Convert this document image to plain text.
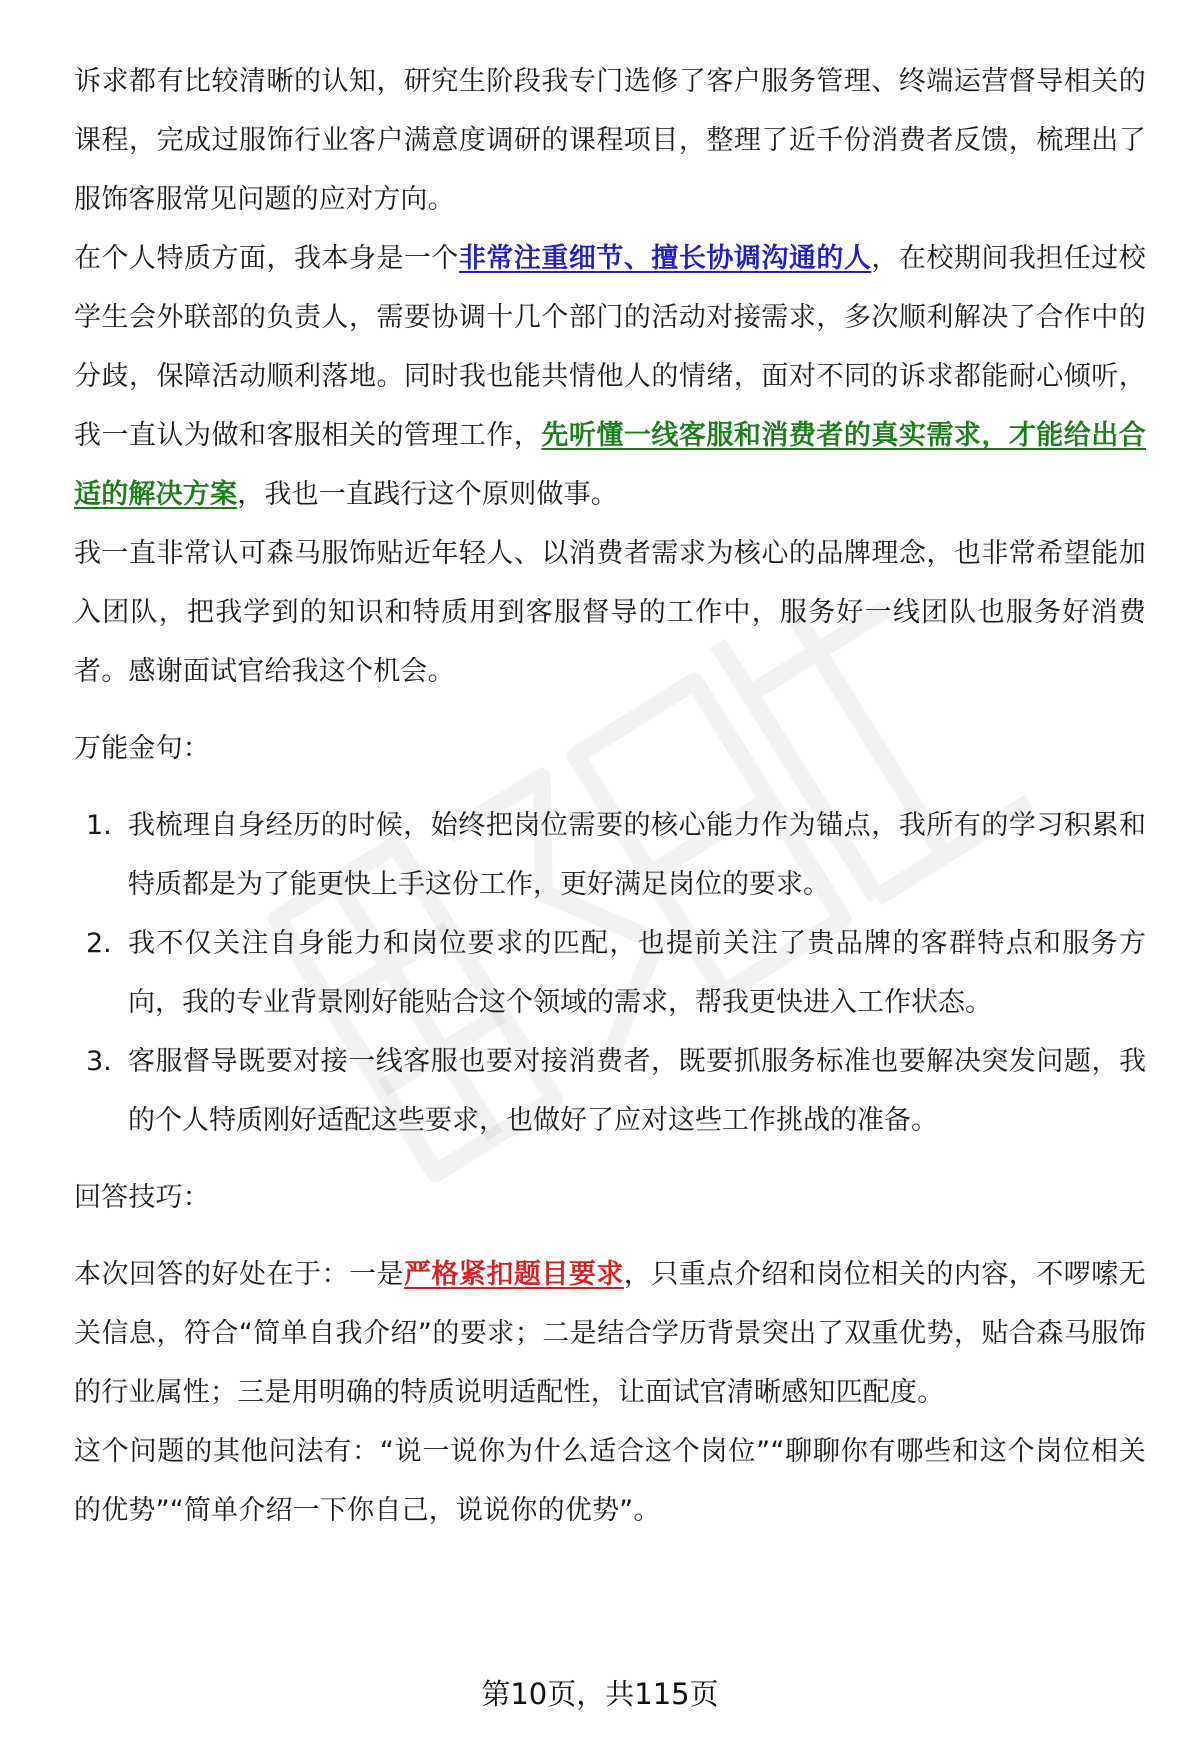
诉求都有比较清晰的认知，研究生阶段我专门选修了客户服务管理、终端运营督导相关的课程，完成过服饰行业客户满意度调研的课程项目，整理了近千份消费者反馈，梳理出了服饰客服常见问题的应对方向。

在个人特质方面，我本身是一个非常注重细节、擅长协调沟通的人，在校期间我担任过校学生会外联部的负责人，需要协调十几个部门的活动对接需求，多次顺利解决了合作中的分歧，保障活动顺利落地。同时我也能共情他人的情绪，面对不同的诉求都能耐心倾听，我一直认为做和客服相关的管理工作，先听懂一线客服和消费者的真实需求，才能给出合适的解决方案，我也一直践行这个原则做事。

我一直非常认可森马服饰贴近年轻人、以消费者需求为核心的品牌理念，也非常希望能加入团队，把我学到的知识和特质用到客服督导的工作中，服务好一线团队也服务好消费者。感谢面试官给我这个机会。

万能金句：

1. 我梳理自身经历的时候，始终把岗位需要的核心能力作为锚点，我所有的学习积累和特质都是为了能更快上手这份工作，更好满足岗位的要求。
2. 我不仅关注自身能力和岗位要求的匹配，也提前关注了贵品牌的客群特点和服务方向，我的专业背景刚好能贴合这个领域的需求，帮我更快进入工作状态。
3. 客服督导既要对接一线客服也要对接消费者，既要抓服务标准也要解决突发问题，我的个人特质刚好适配这些要求，也做好了应对这些工作挑战的准备。

回答技巧：

本次回答的好处在于：一是严格紧扣题目要求，只重点介绍和岗位相关的内容，不啰嗦无关信息，符合“简单自我介绍”的要求；二是结合学历背景突出了双重优势，贴合森马服饰的行业属性；三是用明确的特质说明适配性，让面试官清晰感知匹配度。

这个问题的其他问法有：“说一说你为什么适合这个岗位”“聊聊你有哪些和这个岗位相关的优势”“简单介绍一下你自己，说说你的优势”。

第10页，共115页
